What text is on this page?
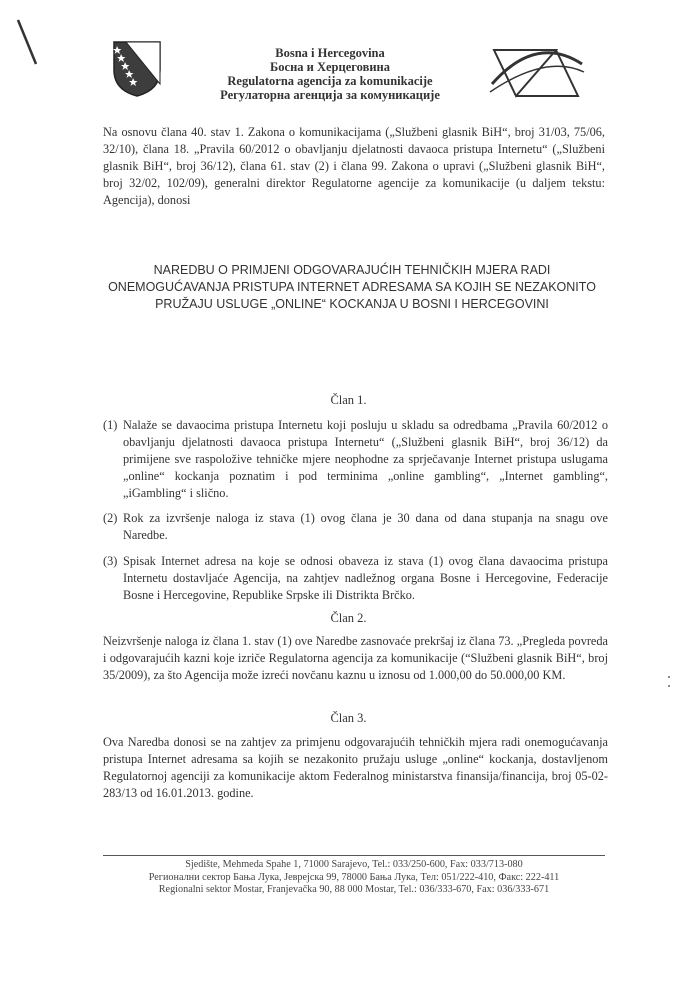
Bosna i Hercegovina
Босна и Херцеговина
Regulatorna agencija za komunikacije
Регулаторна агенција за комуникације
Na osnovu člana 40. stav 1. Zakona o komunikacijama („Službeni glasnik BiH“, broj 31/03, 75/06, 32/10), člana 18. „Pravila 60/2012 o obavljanju djelatnosti davaoca pristupa Internetu“ („Službeni glasnik BiH“, broj 36/12), člana 61. stav (2) i člana 99. Zakona o upravi („Službeni glasnik BiH“, broj 32/02, 102/09), generalni direktor Regulatorne agencije za komunikacije (u daljem tekstu: Agencija), donosi
NAREDBU O PRIMJENI ODGOVARAJUĆIH TEHNIČKIH MJERA RADI ONEMOGUĆAVANJA PRISTUPA INTERNET ADRESAMA SA KOJIH SE NEZAKONITO PRUŽAJU USLUGE „ONLINE“ KOCKANJA U BOSNI I HERCEGOVINI
Član 1.
(1) Nalaže se davaocima pristupa Internetu koji posluju u skladu sa odredbama „Pravila 60/2012 o obavljanju djelatnosti davaoca pristupa Internetu“ („Službeni glasnik BiH“, broj 36/12) da primijene sve raspoložive tehničke mjere neophodne za sprječavanje Internet pristupa uslugama „online“ kockanja poznatim i pod terminima „online gambling“, „Internet gambling“, „iGambling“ i slično.
(2) Rok za izvršenje naloga iz stava (1) ovog člana je 30 dana od dana stupanja na snagu ove Naredbe.
(3) Spisak Internet adresa na koje se odnosi obaveza iz stava (1) ovog člana davaocima pristupa Internetu dostavljaće Agencija, na zahtjev nadležnog organa Bosne i Hercegovine, Federacije Bosne i Hercegovine, Republike Srpske ili Distrikta Brčko.
Član 2.
Neizvršenje naloga iz člana 1. stav (1) ove Naredbe zasnovaće prekršaj iz člana 73. „Pregleda povreda i odgovarajućih kazni koje izriče Regulatorna agencija za komunikacije (“Službeni glasnik BiH“, broj 35/2009), za što Agencija može izreći novčanu kaznu u iznosu od 1.000,00 do 50.000,00 KM.
Član 3.
Ova Naredba donosi se na zahtjev za primjenu odgovarajućih tehničkih mjera radi onemogućavanja pristupa Internet adresama sa kojih se nezakonito pružaju usluge „online“ kockanja, dostavljenom Regulatornoj agenciji za komunikacije aktom Federalnog ministarstva finansija/financija, broj 05-02-283/13 od 16.01.2013. godine.
Sjedište, Mehmeda Spahe 1, 71000 Sarajevo, Tel.: 033/250-600, Fax: 033/713-080
Регионални сектор Бања Лука, Јеврејска 99, 78000 Бања Лука, Тел: 051/222-410, Факс: 222-411
Regionalni sektor Mostar, Franjevačka 90, 88 000 Mostar, Tel.: 036/333-670, Fax: 036/333-671
